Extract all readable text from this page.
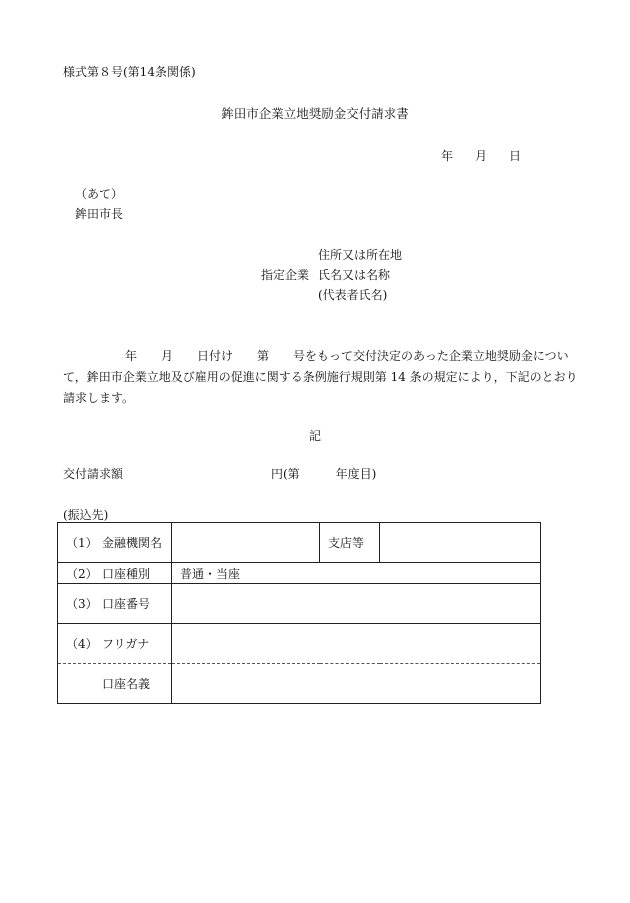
様式第８号(第14条関係)
鉾田市企業立地奨励金交付請求書
年 月 日
（あて）
鉾田市長
住所又は所在地
指定企業 氏名又は名称
(代表者氏名)
年　　月　　日付け　　第　　号をもって交付決定のあった企業立地奨励金につい
て，鉾田市企業立地及び雇用の促進に関する条例施行規則第 14 条の規定により，下記のとおり
請求します。
記
交付請求額	円(第　　　年度目)
(振込先)
（1） 金融機関名		支店等	
（2） 口座種別	普通・当座		
（3） 口座番号			
（4） フリガナ			
口座名義			
